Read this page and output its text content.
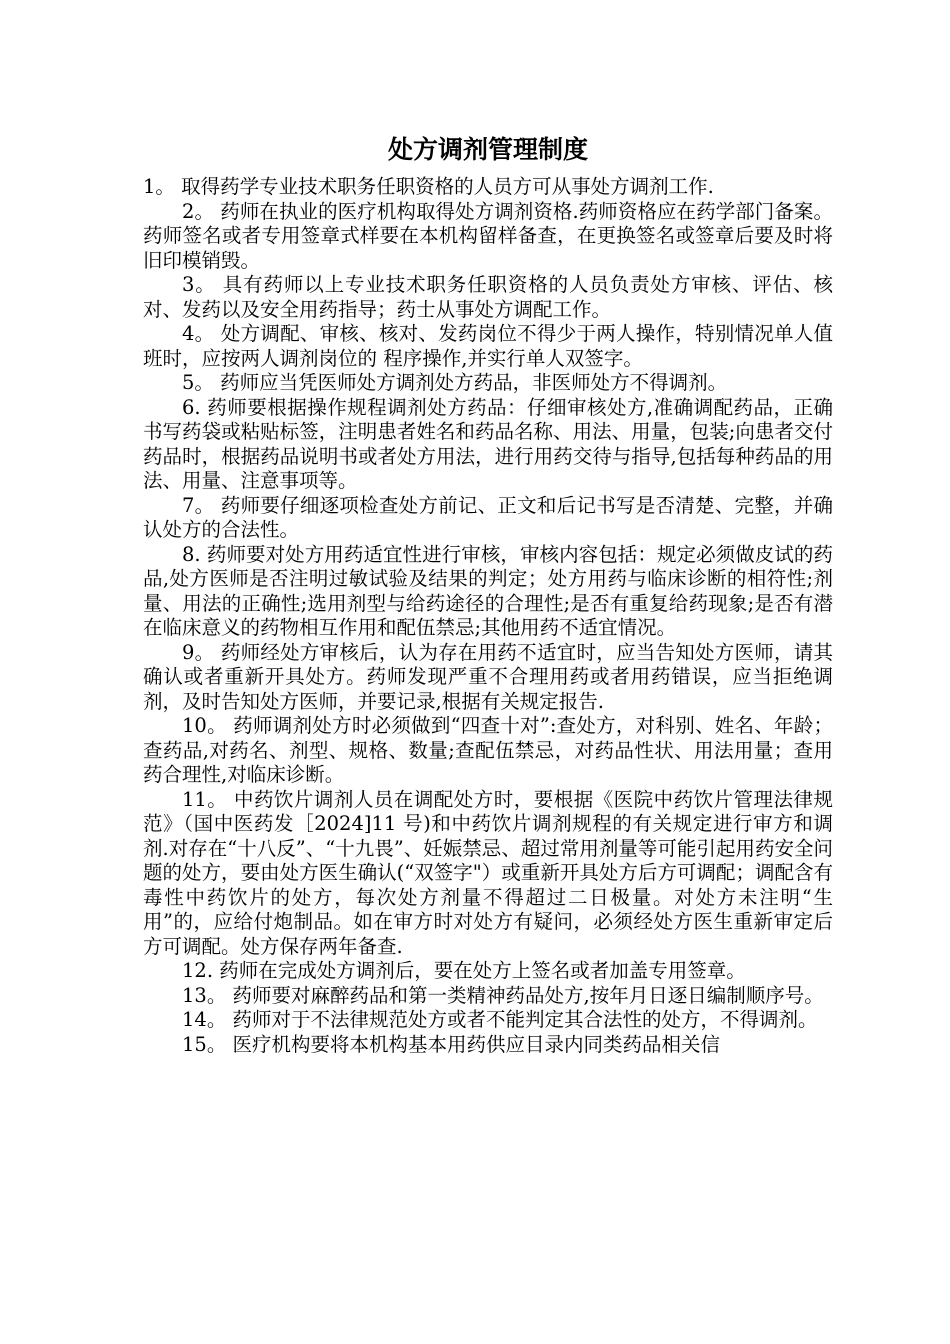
处方调剂管理制度

1。 取得药学专业技术职务任职资格的人员方可从事处方调剂工作.

2。 药师在执业的医疗机构取得处方调剂资格.药师资格应在药学部门备案。药师签名或者专用签章式样要在本机构留样备查，在更换签名或签章后要及时将旧印模销毁。

3。 具有药师以上专业技术职务任职资格的人员负责处方审核、评估、核对、发药以及安全用药指导；药士从事处方调配工作。

4。 处方调配、审核、核对、发药岗位不得少于两人操作，特别情况单人值班时，应按两人调剂岗位的 程序操作,并实行单人双签字。

5。 药师应当凭医师处方调剂处方药品，非医师处方不得调剂。

6. 药师要根据操作规程调剂处方药品：仔细审核处方,准确调配药品，正确书写药袋或粘贴标签，注明患者姓名和药品名称、用法、用量，包装;向患者交付药品时，根据药品说明书或者处方用法，进行用药交待与指导,包括每种药品的用法、用量、注意事项等。

7。 药师要仔细逐项检查处方前记、正文和后记书写是否清楚、完整，并确认处方的合法性。

8. 药师要对处方用药适宜性进行审核，审核内容包括：规定必须做皮试的药品,处方医师是否注明过敏试验及结果的判定；处方用药与临床诊断的相符性;剂量、用法的正确性;选用剂型与给药途径的合理性;是否有重复给药现象;是否有潜在临床意义的药物相互作用和配伍禁忌;其他用药不适宜情况。

9。 药师经处方审核后，认为存在用药不适宜时，应当告知处方医师，请其确认或者重新开具处方。药师发现严重不合理用药或者用药错误，应当拒绝调剂，及时告知处方医师，并要记录,根据有关规定报告.

10。 药师调剂处方时必须做到“四查十对”:查处方，对科别、姓名、年龄；查药品,对药名、剂型、规格、数量;查配伍禁忌，对药品性状、用法用量；查用药合理性,对临床诊断。

11。 中药饮片调剂人员在调配处方时，要根据《医院中药饮片管理法律规范》（国中医药发［2024]11 号)和中药饮片调剂规程的有关规定进行审方和调剂.对存在“十八反”、“十九畏”、妊娠禁忌、超过常用剂量等可能引起用药安全问题的处方，要由处方医生确认(“双签字"）或重新开具处方后方可调配；调配含有毒性中药饮片的处方，每次处方剂量不得超过二日极量。对处方未注明“生用”的，应给付炮制品。如在审方时对处方有疑问，必须经处方医生重新审定后方可调配。处方保存两年备查.

12. 药师在完成处方调剂后，要在处方上签名或者加盖专用签章。

13。 药师要对麻醉药品和第一类精神药品处方,按年月日逐日编制顺序号。

14。 药师对于不法律规范处方或者不能判定其合法性的处方，不得调剂。

15。 医疗机构要将本机构基本用药供应目录内同类药品相关信
